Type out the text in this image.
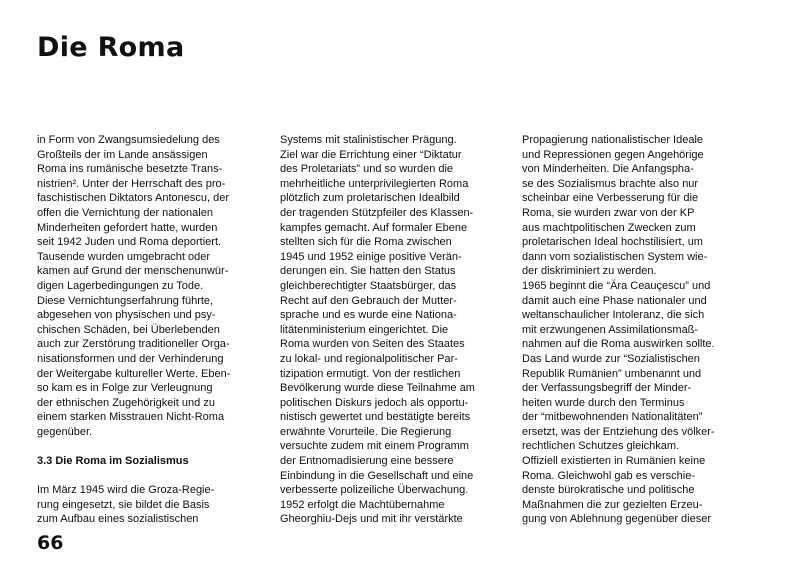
Die Roma
in Form von Zwangsumsiedelung des
Großteils der im Lande ansässigen
Roma ins rumänische besetzte Trans-
nistrien². Unter der Herrschaft des pro-
faschistischen Diktators Antonescu, der
offen die Vernichtung der nationalen
Minderheiten gefordert hatte, wurden
seit 1942 Juden und Roma deportiert.
Tausende wurden umgebracht oder
kamen auf Grund der menschenunwür-
digen Lagerbedingungen zu Tode.
Diese Vernichtungserfahrung führte,
abgesehen von physischen und psy-
chischen Schäden, bei Überlebenden
auch zur Zerstörung traditioneller Orga-
nisationsformen und der Verhinderung
der Weitergabe kultureller Werte. Eben-
so kam es in Folge zur Verleugnung
der ethnischen Zugehörigkeit und zu
einem starken Misstrauen Nicht-Roma
gegenüber.
3.3 Die Roma im Sozialismus
Im März 1945 wird die Groza-Regie-
rung eingesetzt, sie bildet die Basis
zum Aufbau eines sozialistischen
Systems mit stalinistischer Prägung.
Ziel war die Errichtung einer “Diktatur
des Proletariats” und so wurden die
mehrheitliche unterprivilegierten Roma
plötzlich zum proletarischen Idealbild
der tragenden Stützpfeiler des Klassen-
kampfes gemacht. Auf formaler Ebene
stellten sich für die Roma zwischen
1945 und 1952 einige positive Verän-
derungen ein. Sie hatten den Status
gleichberechtigter Staatsbürger, das
Recht auf den Gebrauch der Mutter-
sprache und es wurde eine Nationa-
litätenministerium eingerichtet. Die
Roma wurden von Seiten des Staates
zu lokal- und regionalpolitischer Par-
tizipation ermutigt. Von der restlichen
Bevölkerung wurde diese Teilnahme am
politischen Diskurs jedoch als opportu-
nistisch gewertet und bestätigte bereits
erwähnte Vorurteile. Die Regierung
versuchte zudem mit einem Programm
der Entnomadisierung eine bessere
Einbindung in die Gesellschaft und eine
verbesserte polizeiliche Überwachung.
1952 erfolgt die Machtübernahme
Gheorghiu-Dejs und mit ihr verstärkte
Propagierung nationalistischer Ideale
und Repressionen gegen Angehörige
von Minderheiten. Die Anfangspha-
se des Sozialismus brachte also nur
scheinbar eine Verbesserung für die
Roma, sie wurden zwar von der KP
aus machtpolitischen Zwecken zum
proletarischen Ideal hochstilisiert, um
dann vom sozialistischen System wie-
der diskriminiert zu werden.
1965 beginnt die “Ära Ceauçescu” und
damit auch eine Phase nationaler und
weltanschaulicher Intoleranz, die sich
mit erzwungenen Assimilationsmaß-
nahmen auf die Roma auswirken sollte.
Das Land wurde zur “Sozialistischen
Republik Rumänien” umbenannt und
der Verfassungsbegriff der Minder-
heiten wurde durch den Terminus
der “mitbewohnenden Nationalitäten”
ersetzt, was der Entziehung des völker-
rechtlichen Schutzes gleichkam.
Offiziell existierten in Rumänien keine
Roma. Gleichwohl gab es verschie-
denste bürokratische und politische
Maßnahmen die zur gezielten Erzeu-
gung von Ablehnung gegenüber dieser
66
